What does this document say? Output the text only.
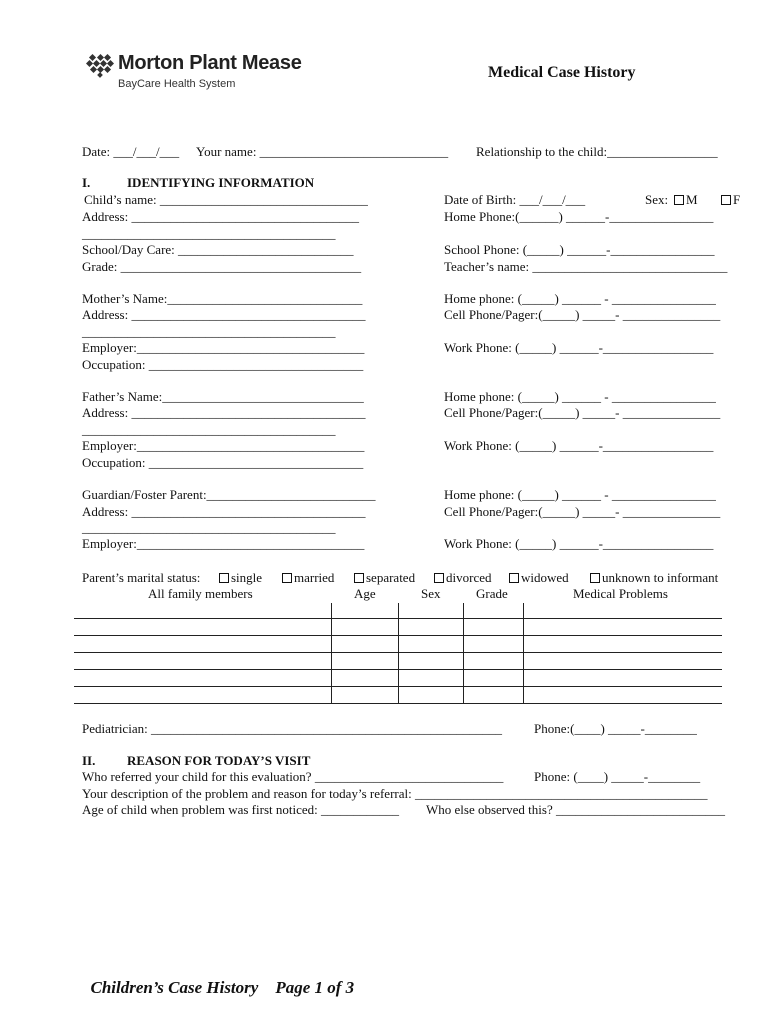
Morton Plant Mease
BayCare Health System
Medical Case History
Date: ___/___/___ Your name: _____________________________ Relationship to the child:_________________
I.	IDENTIFYING INFORMATION
Child’s name: ________________________________
Address: ___________________________________
_______________________________________
School/Day Care: ___________________________
Grade: _____________________________________
Date of Birth: ___/___/___	Sex:	M	F
Home Phone:(______) ______-________________
School Phone: (_____) ______-________________
Teacher’s name: ______________________________
Mother’s Name:______________________________
Address: ____________________________________
_______________________________________
Employer:___________________________________
Occupation: _________________________________
Home phone: (_____) ______ - ________________
Cell Phone/Pager:(_____) _____- _______________
Work Phone: (_____) ______-_________________
Father’s Name:_______________________________
Address: ____________________________________
_______________________________________
Employer:___________________________________
Occupation: _________________________________
Home phone: (_____) ______ - ________________
Cell Phone/Pager:(_____) _____- _______________
Work Phone: (_____) ______-_________________
Guardian/Foster Parent:__________________________
Address: ____________________________________
_______________________________________
Employer:___________________________________
Home phone: (_____) ______ - ________________
Cell Phone/Pager:(_____) _____- _______________
Work Phone: (_____) ______-_________________
Parent’s marital status:	single	married	separated	divorced	widowed	unknown to informant
All family members	Age	Sex	Grade	Medical Problems
Pediatrician: ______________________________________________________ Phone:(____) _____-________
II. REASON FOR TODAY’S VISIT
Who referred your child for this evaluation? _____________________________ Phone: (____) _____-________
Your description of the problem and reason for today’s referral: _____________________________________________
Age of child when problem was first noticed: ____________ Who else observed this? __________________________

Children’s Case History Page 1 of 3
